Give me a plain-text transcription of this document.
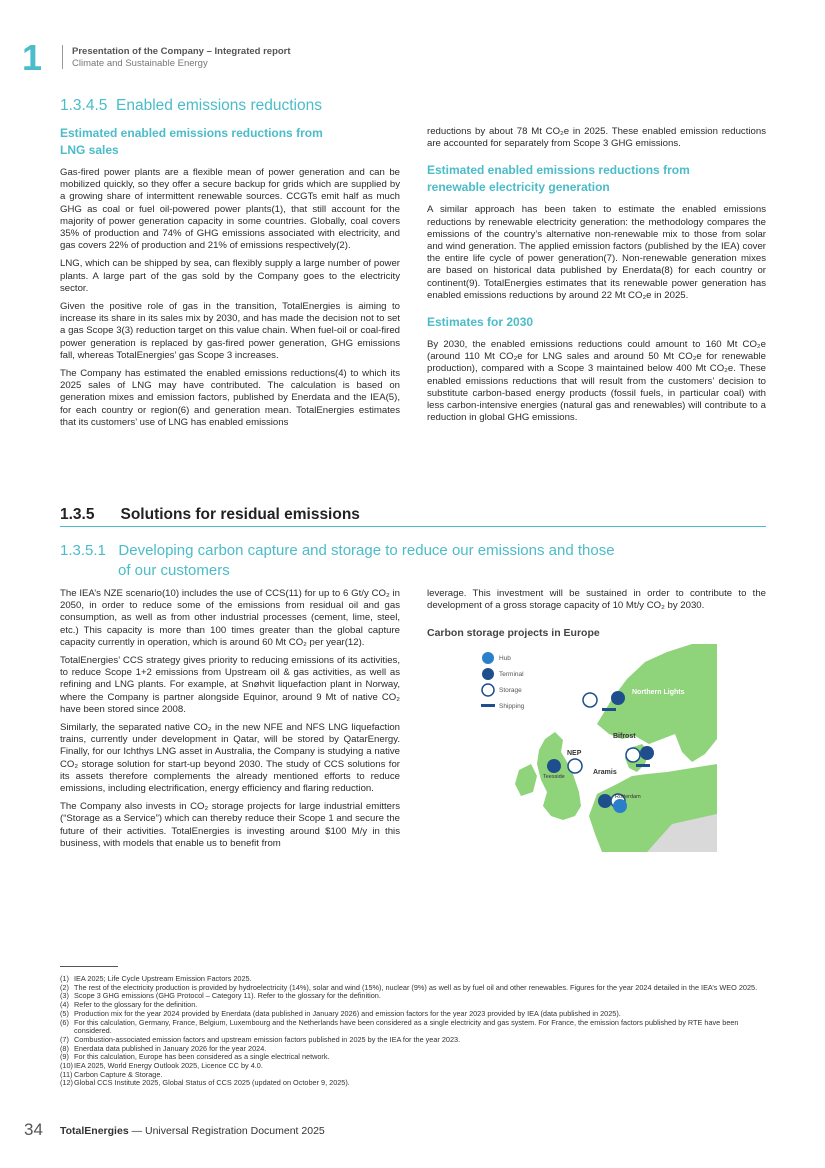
1	Presentation of the Company – Integrated report
Climate and Sustainable Energy
1.3.4.5 Enabled emissions reductions
Estimated enabled emissions reductions from LNG sales

Gas-fired power plants are a flexible mean of power generation and can be mobilized quickly, so they offer a secure backup for grids which are supplied by a growing share of intermittent renewable sources. CCGTs emit half as much GHG as coal or fuel oil-powered power plants(1), that still account for the majority of power generation capacity in some countries. Globally, coal covers 35% of production and 74% of GHG emissions associated with electricity, and gas covers 22% of production and 21% of emissions respectively(2).

LNG, which can be shipped by sea, can flexibly supply a large number of power plants. A large part of the gas sold by the Company goes to the electricity sector.

Given the positive role of gas in the transition, TotalEnergies is aiming to increase its share in its sales mix by 2030, and has made the decision not to set a gas Scope 3(3) reduction target on this value chain. When fuel-oil or coal-fired power generation is replaced by gas-fired power generation, GHG emissions fall, whereas TotalEnergies’ gas Scope 3 increases.

The Company has estimated the enabled emissions reductions(4) to which its 2025 sales of LNG may have contributed. The calculation is based on generation mixes and emission factors, published by Enerdata and the IEA(5), for each country or region(6) and generation mean. TotalEnergies estimates that its customers’ use of LNG has enabled emissions

reductions by about 78 Mt CO₂e in 2025. These enabled emission reductions are accounted for separately from Scope 3 GHG emissions.

Estimated enabled emissions reductions from renewable electricity generation

A similar approach has been taken to estimate the enabled emissions reductions by renewable electricity generation: the methodology compares the emissions of the country’s alternative non-renewable mix to those from solar and wind generation. The applied emission factors (published by the IEA) cover the entire life cycle of power generation(7). Non-renewable generation mixes are based on historical data published by Enerdata(8) for each country or continent(9). TotalEnergies estimates that its renewable power generation has enabled emissions reductions by around 22 Mt CO₂e in 2025.

Estimates for 2030

By 2030, the enabled emissions reductions could amount to 160 Mt CO₂e (around 110 Mt CO₂e for LNG sales and around 50 Mt CO₂e for renewable production), compared with a Scope 3 maintained below 400 Mt CO₂e. These enabled emissions reductions that will result from the customers’ decision to substitute carbon-based energy products (fossil fuels, in particular coal) with less carbon-intensive energies (natural gas and renewables) will contribute to a reduction in global GHG emissions.

1.3.5 Solutions for residual emissions
1.3.5.1 Developing carbon capture and storage to reduce our emissions and those
of our customers

The IEA’s NZE scenario(10) includes the use of CCS(11) for up to 6 Gt/y CO₂ in 2050, in order to reduce some of the emissions from residual oil and gas consumption, as well as from other industrial processes (cement, lime, steel, etc.) This capacity is more than 100 times greater than the global capture capacity currently in operation, which is around 60 Mt CO₂ per year(12).

TotalEnergies’ CCS strategy gives priority to reducing emissions of its activities, to reduce Scope 1+2 emissions from Upstream oil & gas activities, as well as refining and LNG plants. For example, at Snøhvit liquefaction plant in Norway, where the Company is partner alongside Equinor, around 9 Mt of native CO₂ have been stored since 2008.

Similarly, the separated native CO₂ in the new NFE and NFS LNG liquefaction trains, currently under development in Qatar, will be stored by QatarEnergy. Finally, for our Ichthys LNG asset in Australia, the Company is studying a native CO₂ storage solution for start-up beyond 2030. The study of CCS solutions for its assets therefore complements the already mentioned efforts to reduce emissions, including electrification, energy efficiency and flaring reduction.

The Company also invests in CO₂ storage projects for large industrial emitters (“Storage as a Service”) which can thereby reduce their Scope 1 and secure the future of their activities. TotalEnergies is investing around $100 M/y in this business, with models that enable us to benefit from

leverage. This investment will be sustained in order to contribute to the development of a gross storage capacity of 10 Mt/y CO₂ by 2030.

Carbon storage projects in Europe
Hub
Terminal
Storage
Shipping
Northern Lights
Bifrost
NEP
Teesside
Aramis
Rotterdam
(1) IEA 2025; Life Cycle Upstream Emission Factors 2025.
(2) The rest of the electricity production is provided by hydroelectricity (14%), solar and wind (15%), nuclear (9%) as well as by fuel oil and other renewables. Figures for the year 2024 detailed in the IEA’s WEO 2025.
(3) Scope 3 GHG emissions (GHG Protocol – Category 11). Refer to the glossary for the definition.
(4) Refer to the glossary for the definition.
(5) Production mix for the year 2024 provided by Enerdata (data published in January 2026) and emission factors for the year 2023 provided by IEA (data published in 2025).
(6) For this calculation, Germany, France, Belgium, Luxembourg and the Netherlands have been considered as a single electricity and gas system. For France, the emission factors published by RTE have been considered.
(7) Combustion-associated emission factors and upstream emission factors published in 2025 by the IEA for the year 2023.
(8) Enerdata data published in January 2026 for the year 2024.
(9) For this calculation, Europe has been considered as a single electrical network.
(10) IEA 2025, World Energy Outlook 2025, Licence CC by 4.0.
(11) Carbon Capture & Storage.
(12) Global CCS Institute 2025, Global Status of CCS 2025 (updated on October 9, 2025).
34 TotalEnergies — Universal Registration Document 2025
